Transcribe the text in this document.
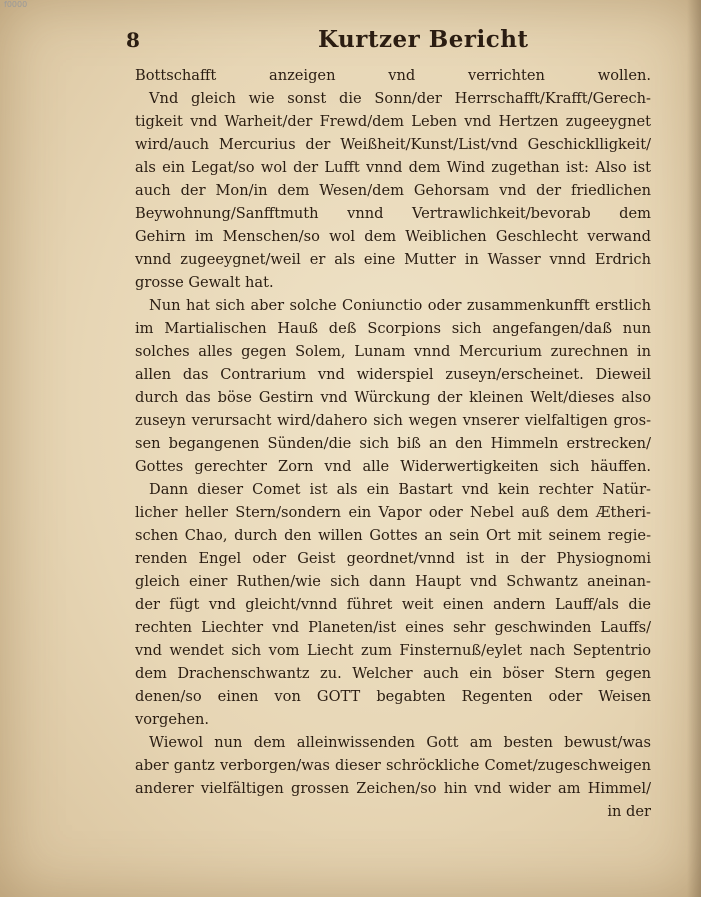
f0000
8	Kurtzer Bericht
Bottschafft anzeigen vnd verrichten wollen.
Vnd gleich wie sonst die Sonn/der Herrschafft/Krafft/Gerech-
tigkeit vnd Warheit/der Frewd/dem Leben vnd Hertzen zugeeygnet
wird/auch Mercurius der Weißheit/Kunst/List/vnd Geschicklligkeit/
als ein Legat/so wol der Lufft vnnd dem Wind zugethan ist: Also ist
auch der Mon/in dem Wesen/dem Gehorsam vnd der friedlichen
Beywohnung/Sanfftmuth vnnd Vertrawlichkeit/bevorab dem
Gehirn im Menschen/so wol dem Weiblichen Geschlecht verwand
vnnd zugeeygnet/weil er als eine Mutter in Wasser vnnd Erdrich
grosse Gewalt hat.
Nun hat sich aber solche Coniunctio oder zusammenkunfft erstlich
im Martialischen Hauß deß Scorpions sich angefangen/daß nun
solches alles gegen Solem, Lunam vnnd Mercurium zurechnen in
allen das Contrarium vnd widerspiel zuseyn/erscheinet. Dieweil
durch das böse Gestirn vnd Würckung der kleinen Welt/dieses also
zuseyn verursacht wird/dahero sich wegen vnserer vielfaltigen gros-
sen begangenen Sünden/die sich biß an den Himmeln erstrecken/
Gottes gerechter Zorn vnd alle Widerwertigkeiten sich häuffen.
Dann dieser Comet ist als ein Bastart vnd kein rechter Natür-
licher heller Stern/sondern ein Vapor oder Nebel auß dem Ætheri-
schen Chao, durch den willen Gottes an sein Ort mit seinem regie-
renden Engel oder Geist geordnet/vnnd ist in der Physiognomi
gleich einer Ruthen/wie sich dann Haupt vnd Schwantz aneinan-
der fügt vnd gleicht/vnnd führet weit einen andern Lauff/als die
rechten Liechter vnd Planeten/ist eines sehr geschwinden Lauffs/
vnd wendet sich vom Liecht zum Finsternuß/eylet nach Septentrio
dem Drachenschwantz zu. Welcher auch ein böser Stern gegen
denen/so einen von GOTT begabten Regenten oder Weisen
vorgehen.
Wiewol nun dem alleinwissenden Gott am besten bewust/was
aber gantz verborgen/was dieser schröckliche Comet/zugeschweigen
anderer vielfältigen grossen Zeichen/so hin vnd wider am Himmel/
in der
